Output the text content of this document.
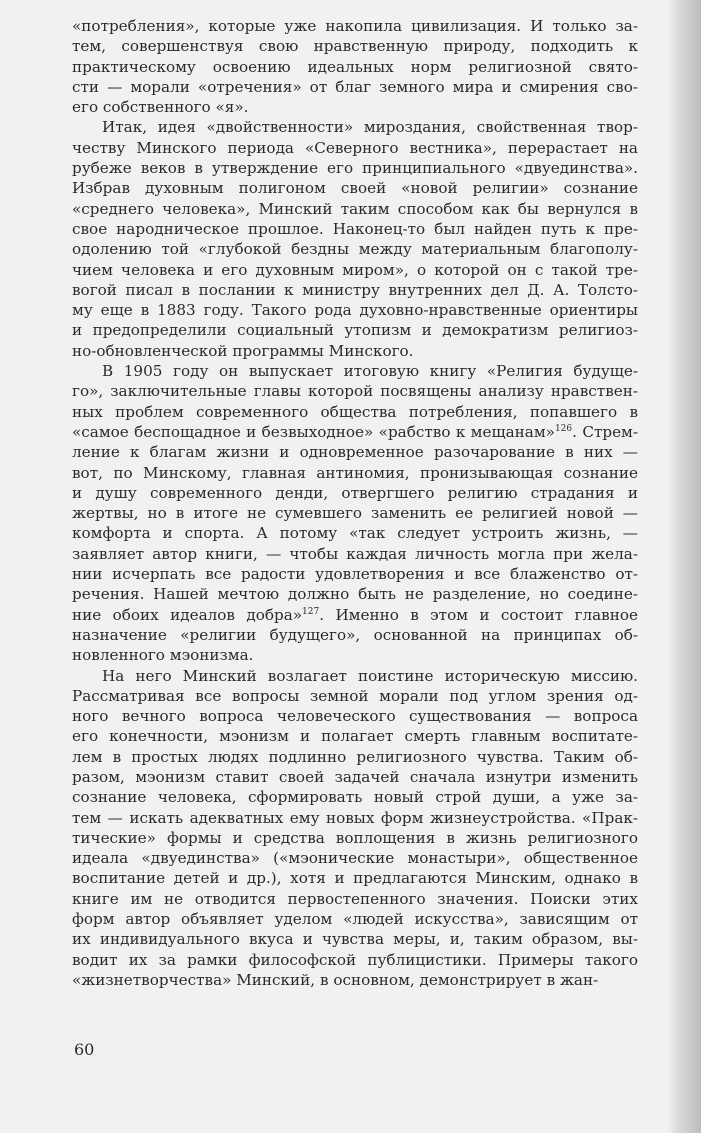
«потребления», которые уже накопила цивилизация. И только за-
тем, совершенствуя свою нравственную природу, подходить к
практическому освоению идеальных норм религиозной свято-
сти — морали «отречения» от благ земного мира и смирения сво-
его собственного «я».
Итак, идея «двойственности» мироздания, свойственная твор-
честву Минского периода «Северного вестника», перерастает на
рубеже веков в утверждение его принципиального «двуединства».
Избрав духовным полигоном своей «новой религии» сознание
«среднего человека», Минский таким способом как бы вернулся в
свое народническое прошлое. Наконец-то был найден путь к пре-
одолению той «глубокой бездны между материальным благополу-
чием человека и его духовным миром», о которой он с такой тре-
вогой писал в послании к министру внутренних дел Д. А. Толсто-
му еще в 1883 году. Такого рода духовно-нравственные ориентиры
и предопределили социальный утопизм и демократизм религиоз-
но-обновленческой программы Минского.
В 1905 году он выпускает итоговую книгу «Религия будуще-
го», заключительные главы которой посвящены анализу нравствен-
ных проблем современного общества потребления, попавшего в
«самое беспощадное и безвыходное» «рабство к мещанам»$^{126}$. Стрем-
ление к благам жизни и одновременное разочарование в них —
вот, по Минскому, главная антиномия, пронизывающая сознание
и душу современного денди, отвергшего религию страдания и
жертвы, но в итоге не сумевшего заменить ее религией новой —
комфорта и спорта. А потому «так следует устроить жизнь, —
заявляет автор книги, — чтобы каждая личность могла при жела-
нии исчерпать все радости удовлетворения и все блаженство от-
речения. Нашей мечтою должно быть не разделение, но соедине-
ние обоих идеалов добра»$^{127}$. Именно в этом и состоит главное
назначение «религии будущего», основанной на принципах об-
новленного мэонизма.
На него Минский возлагает поистине историческую миссию.
Рассматривая все вопросы земной морали под углом зрения од-
ного вечного вопроса человеческого существования — вопроса
его конечности, мэонизм и полагает смерть главным воспитате-
лем в простых людях подлинно религиозного чувства. Таким об-
разом, мэонизм ставит своей задачей сначала изнутри изменить
сознание человека, сформировать новый строй души, а уже за-
тем — искать адекватных ему новых форм жизнеустройства. «Прак-
тические» формы и средства воплощения в жизнь религиозного
идеала «двуединства» («мэонические монастыри», общественное
воспитание детей и др.), хотя и предлагаются Минским, однако в
книге им не отводится первостепенного значения. Поиски этих
форм автор объявляет уделом «людей искусства», зависящим от
их индивидуального вкуса и чувства меры, и, таким образом, вы-
водит их за рамки философской публицистики. Примеры такого
«жизнетворчества» Минский, в основном, демонстрирует в жан-
60
